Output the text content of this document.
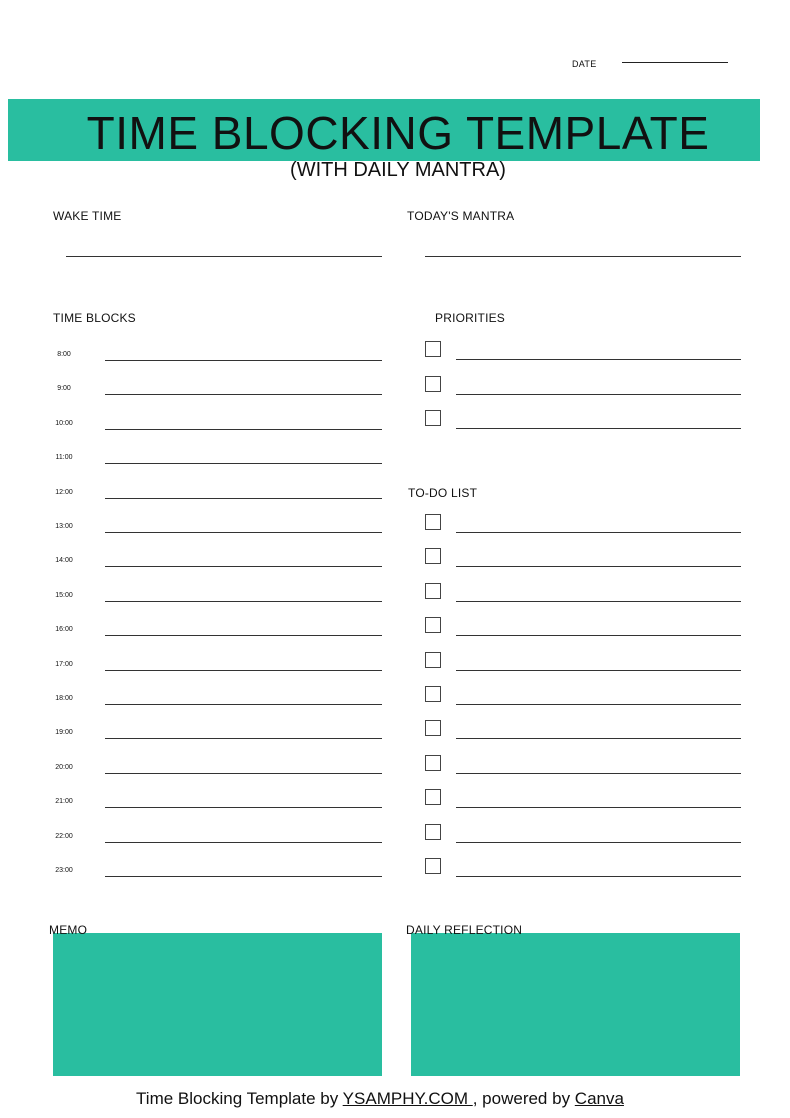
DATE
TIME BLOCKING TEMPLATE
(WITH DAILY MANTRA)
WAKE TIME	TODAY'S MANTRA
TIME BLOCKS
8:00
9:00
10:00
11:00
12:00
13:00
14:00
15:00
16:00
17:00
18:00
19:00
20:00
21:00
22:00
23:00
PRIORITIES
TO-DO LIST
MEMO	DAILY REFLECTION
Time Blocking Template by YSAMPHY.COM , powered by Canva
